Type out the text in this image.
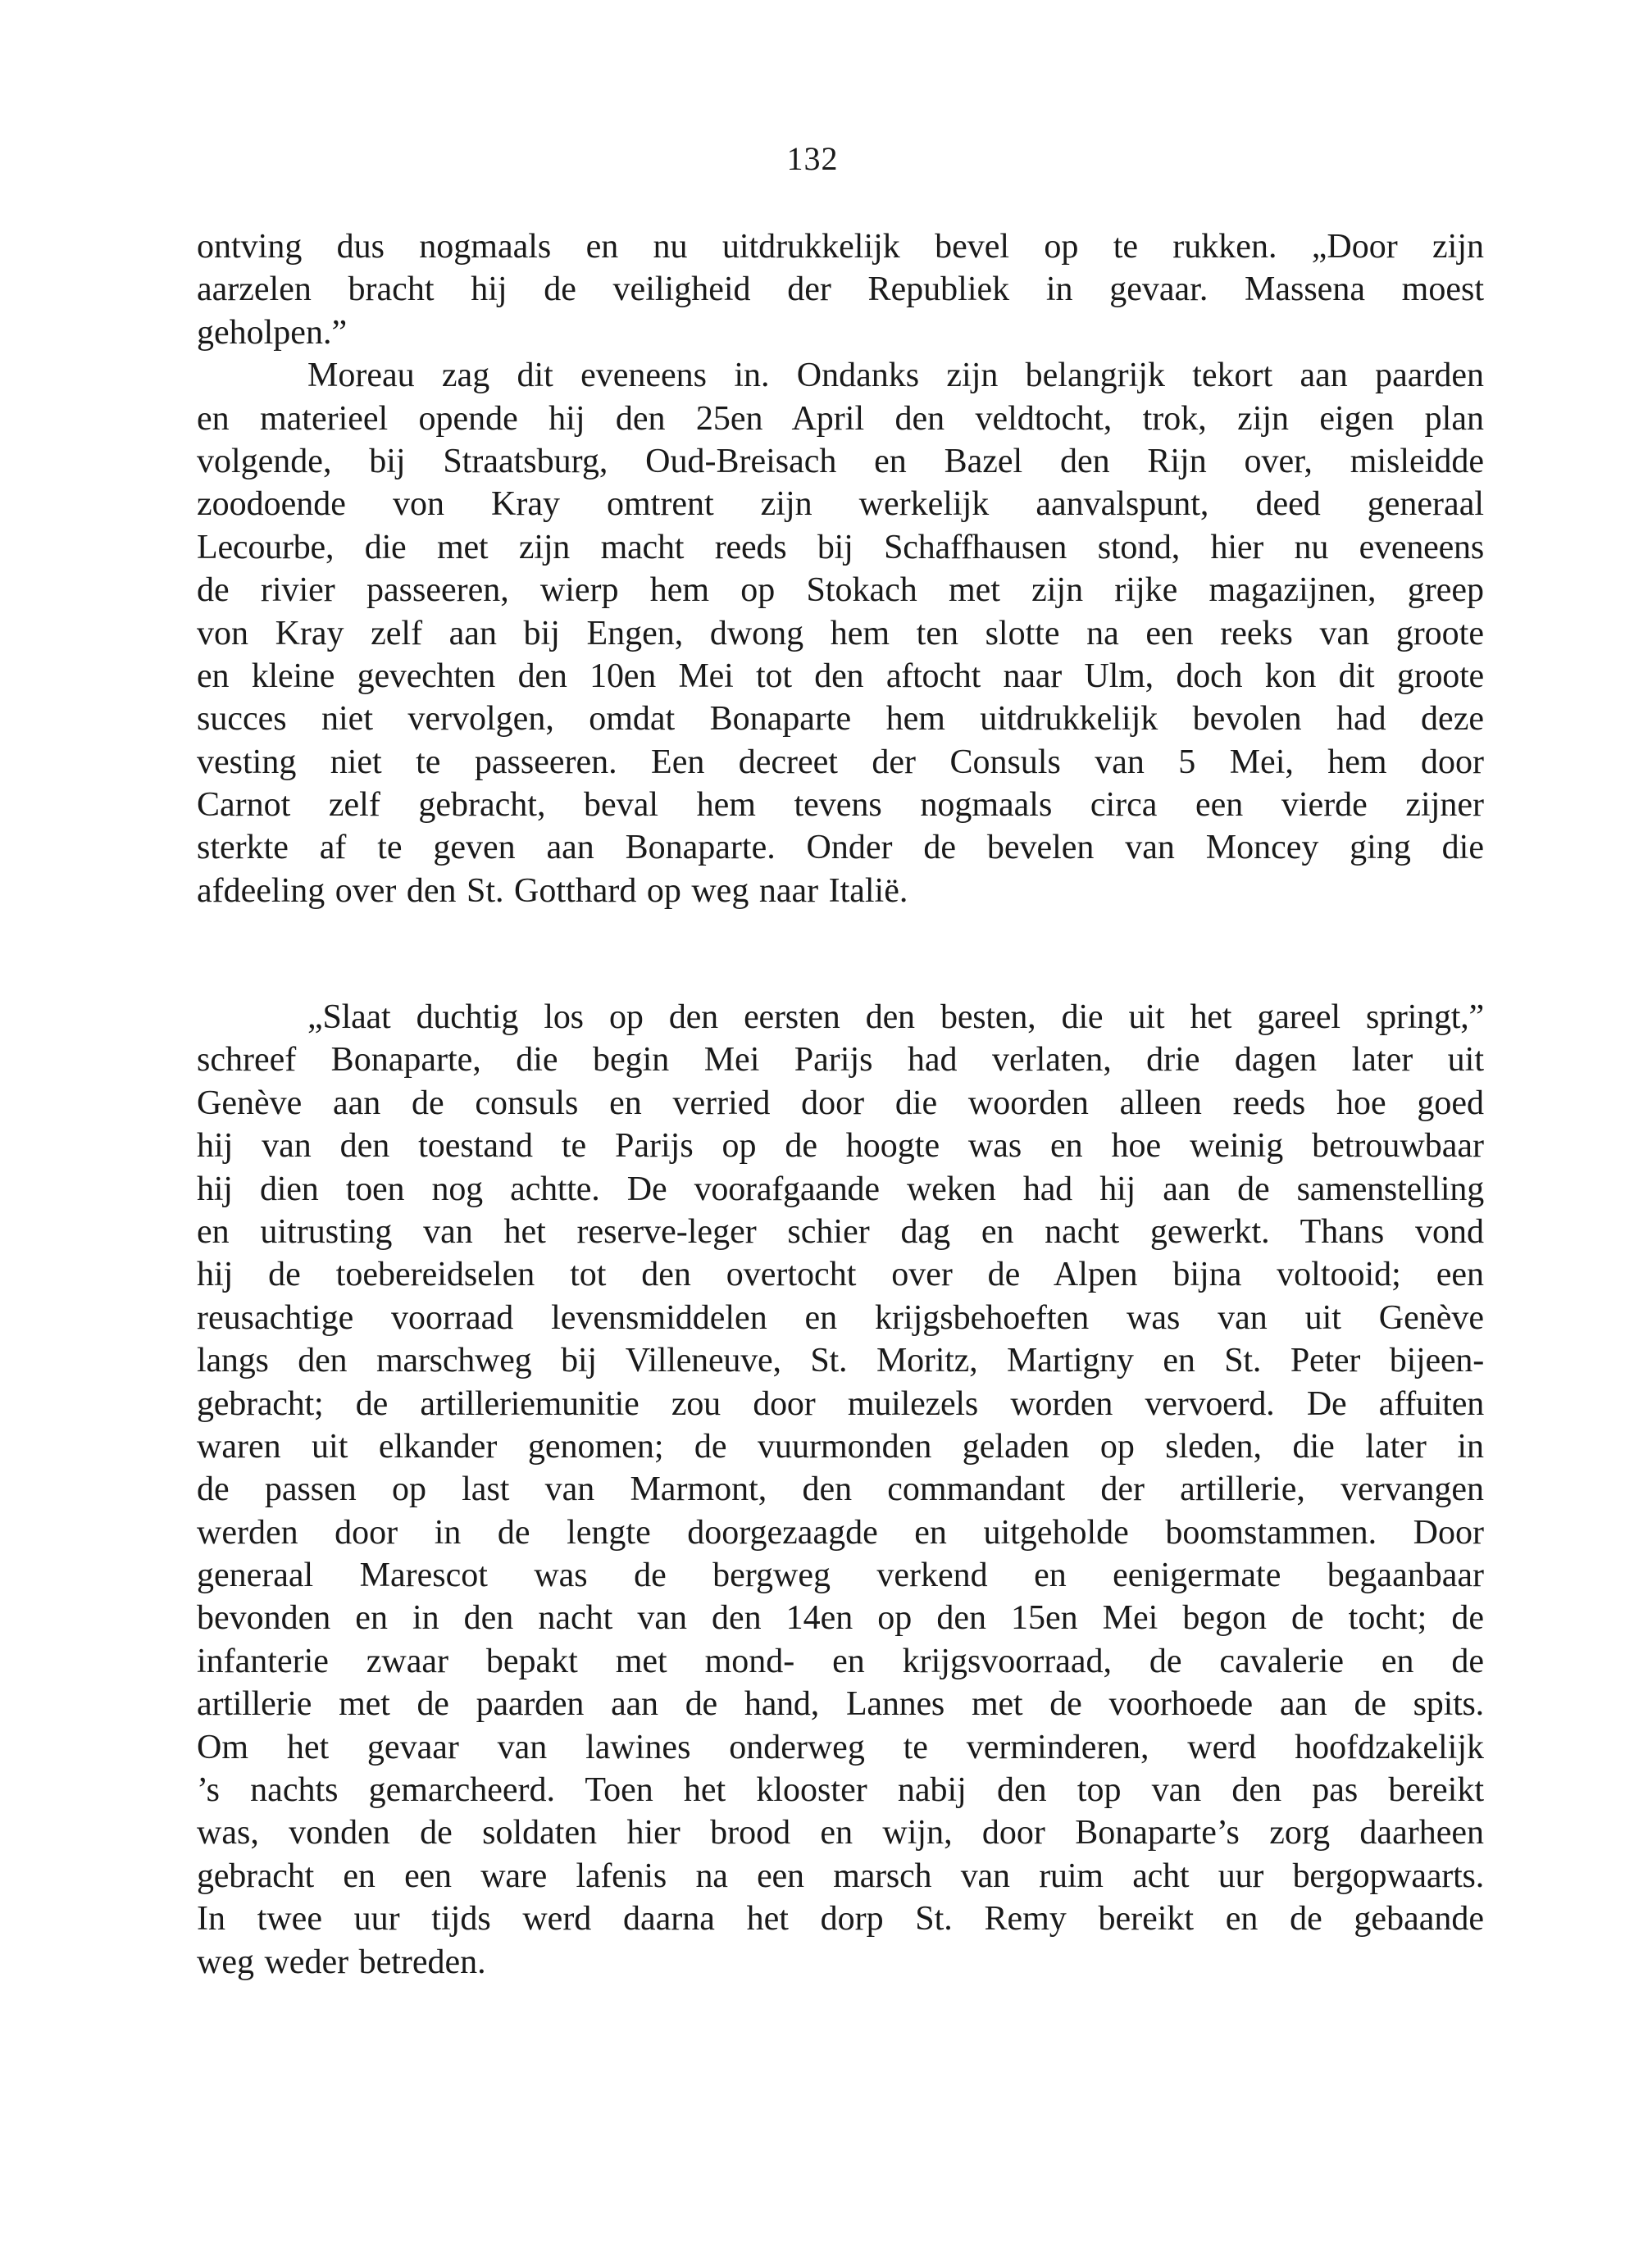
132
ontving dus nogmaals en nu uitdrukkelijk bevel op te rukken. „Door zijn
aarzelen bracht hij de veiligheid der Republiek in gevaar. Massena moest
geholpen.”
Moreau zag dit eveneens in. Ondanks zijn belangrijk tekort aan paarden
en materieel opende hij den 25en April den veldtocht, trok, zijn eigen plan
volgende, bij Straatsburg, Oud-Breisach en Bazel den Rijn over, misleidde
zoodoende von Kray omtrent zijn werkelijk aanvalspunt, deed generaal
Lecourbe, die met zijn macht reeds bij Schaffhausen stond, hier nu eveneens
de rivier passeeren, wierp hem op Stokach met zijn rijke magazijnen, greep
von Kray zelf aan bij Engen, dwong hem ten slotte na een reeks van groote
en kleine gevechten den 10en Mei tot den aftocht naar Ulm, doch kon dit groote
succes niet vervolgen, omdat Bonaparte hem uitdrukkelijk bevolen had deze
vesting niet te passeeren. Een decreet der Consuls van 5 Mei, hem door
Carnot zelf gebracht, beval hem tevens nogmaals circa een vierde zijner
sterkte af te geven aan Bonaparte. Onder de bevelen van Moncey ging die
afdeeling over den St. Gotthard op weg naar Italië.
„Slaat duchtig los op den eersten den besten, die uit het gareel springt,”
schreef Bonaparte, die begin Mei Parijs had verlaten, drie dagen later uit
Genève aan de consuls en verried door die woorden alleen reeds hoe goed
hij van den toestand te Parijs op de hoogte was en hoe weinig betrouwbaar
hij dien toen nog achtte. De voorafgaande weken had hij aan de samenstelling
en uitrusting van het reserve-leger schier dag en nacht gewerkt. Thans vond
hij de toebereidselen tot den overtocht over de Alpen bijna voltooid; een
reusachtige voorraad levensmiddelen en krijgsbehoeften was van uit Genève
langs den marschweg bij Villeneuve, St. Moritz, Martigny en St. Peter bijeen-
gebracht; de artilleriemunitie zou door muilezels worden vervoerd. De affuiten
waren uit elkander genomen; de vuurmonden geladen op sleden, die later in
de passen op last van Marmont, den commandant der artillerie, vervangen
werden door in de lengte doorgezaagde en uitgeholde boomstammen. Door
generaal Marescot was de bergweg verkend en eenigermate begaanbaar
bevonden en in den nacht van den 14en op den 15en Mei begon de tocht; de
infanterie zwaar bepakt met mond- en krijgsvoorraad, de cavalerie en de
artillerie met de paarden aan de hand, Lannes met de voorhoede aan de spits.
Om het gevaar van lawines onderweg te verminderen, werd hoofdzakelijk
’s nachts gemarcheerd. Toen het klooster nabij den top van den pas bereikt
was, vonden de soldaten hier brood en wijn, door Bonaparte’s zorg daarheen
gebracht en een ware lafenis na een marsch van ruim acht uur bergopwaarts.
In twee uur tijds werd daarna het dorp St. Remy bereikt en de gebaande
weg weder betreden.
